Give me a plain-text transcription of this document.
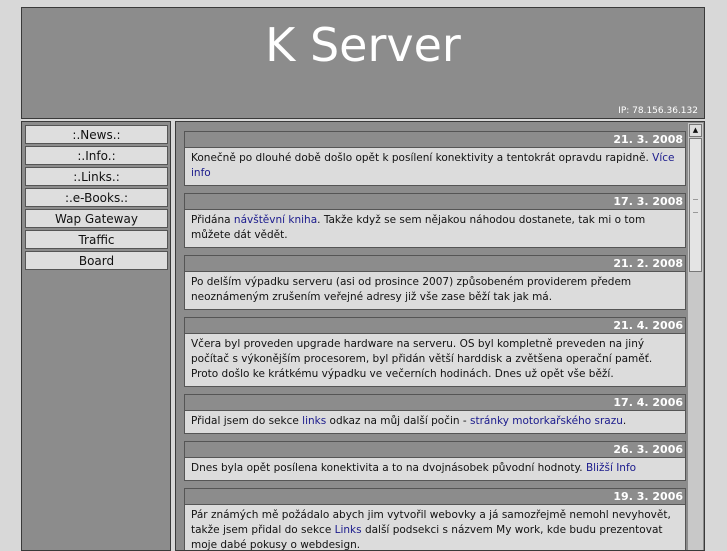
K Server
IP: 78.156.36.132
:.News.:
:.Info.:
:.Links.:
:.e-Books.:
Wap Gateway
Traffic
Board
21. 3. 2008
Konečně po dlouhé době došlo opět k posílení konektivity a tentokrát opravdu rapidně. Více info
17. 3. 2008
Přidána návštěvní kniha. Takže když se sem nějakou náhodou dostanete, tak mi o tom můžete dát vědět.
21. 2. 2008
Po delším výpadku serveru (asi od prosince 2007) způsobeném providerem předem neoznámeným zrušením veřejné adresy již vše zase běží tak jak má.
21. 4. 2006
Včera byl proveden upgrade hardware na serveru. OS byl kompletně preveden na jiný počítač s výkonějším procesorem, byl přidán větší harddisk a zvětšena operační paměť. Proto došlo ke krátkému výpadku ve večerních hodinách. Dnes už opět vše běží.
17. 4. 2006
Přidal jsem do sekce links odkaz na můj další počin - stránky motorkařského srazu.
26. 3. 2006
Dnes byla opět posílena konektivita a to na dvojnásobek původní hodnoty. Bližší Info
19. 3. 2006
Pár známých mě požádalo abych jim vytvořil webovky a já samozřejmě nemohl nevyhovět, takže jsem přidal do sekce Links další podsekci s názvem My work, kde budu prezentovat moje dabé pokusy o webdesign.
▲
